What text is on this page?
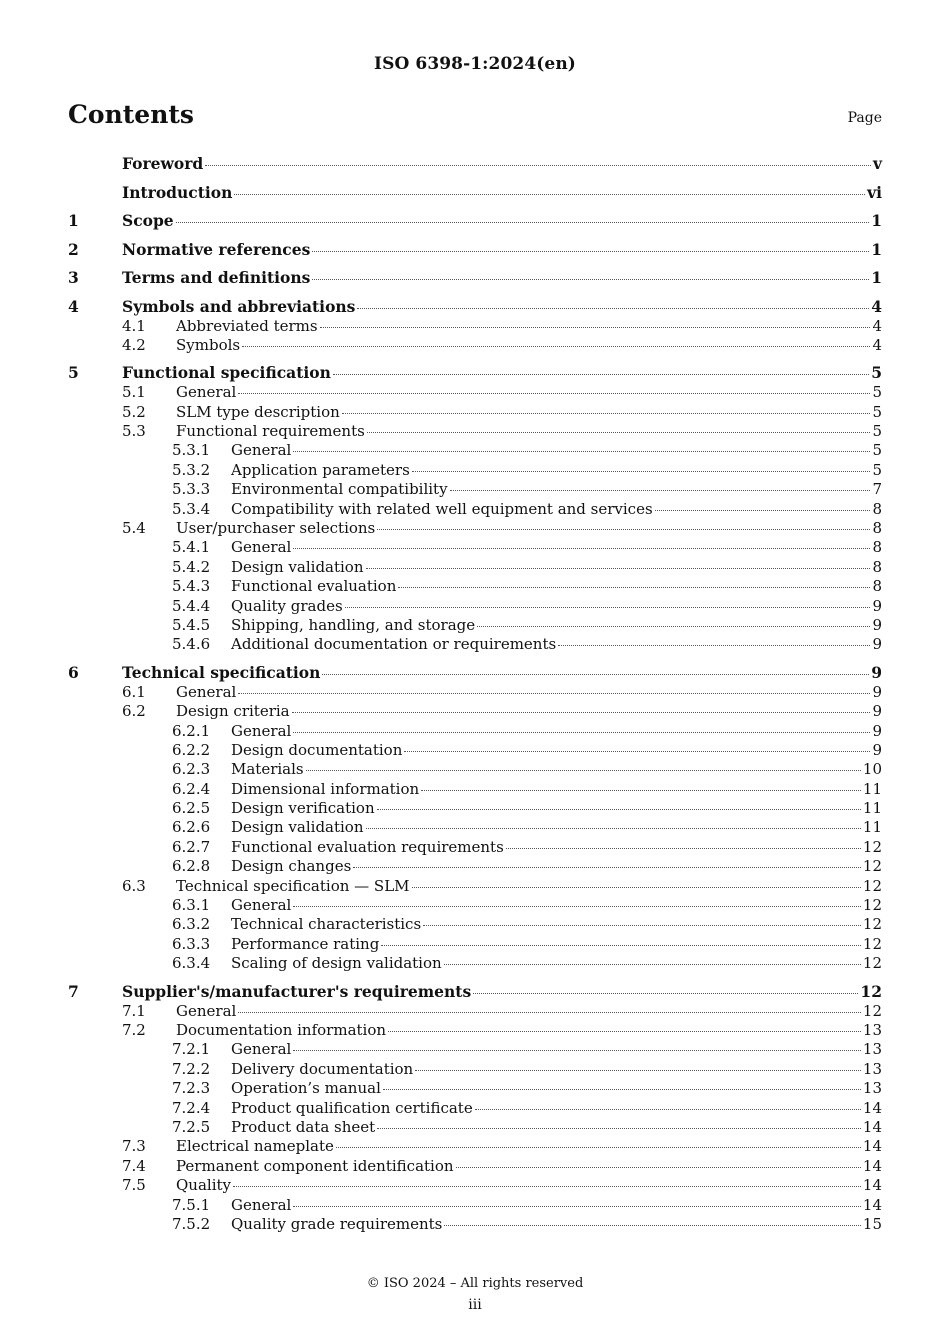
ISO 6398-1:2024(en)
Contents	Page
Foreword	v
Introduction	vi
1	Scope	1
2	Normative references	1
3	Terms and definitions	1
4	Symbols and abbreviations	4
4.1	Abbreviated terms	4
4.2	Symbols	4
5	Functional specification	5
5.1	General	5
5.2	SLM type description	5
5.3	Functional requirements	5
5.3.1	General	5
5.3.2	Application parameters	5
5.3.3	Environmental compatibility	7
5.3.4	Compatibility with related well equipment and services	8
5.4	User/purchaser selections	8
5.4.1	General	8
5.4.2	Design validation	8
5.4.3	Functional evaluation	8
5.4.4	Quality grades	9
5.4.5	Shipping, handling, and storage	9
5.4.6	Additional documentation or requirements	9
6	Technical specification	9
6.1	General	9
6.2	Design criteria	9
6.2.1	General	9
6.2.2	Design documentation	9
6.2.3	Materials	10
6.2.4	Dimensional information	11
6.2.5	Design verification	11
6.2.6	Design validation	11
6.2.7	Functional evaluation requirements	12
6.2.8	Design changes	12
6.3	Technical specification — SLM	12
6.3.1	General	12
6.3.2	Technical characteristics	12
6.3.3	Performance rating	12
6.3.4	Scaling of design validation	12
7	Supplier's/manufacturer's requirements	12
7.1	General	12
7.2	Documentation information	13
7.2.1	General	13
7.2.2	Delivery documentation	13
7.2.3	Operation’s manual	13
7.2.4	Product qualification certificate	14
7.2.5	Product data sheet	14
7.3	Electrical nameplate	14
7.4	Permanent component identification	14
7.5	Quality	14
7.5.1	General	14
7.5.2	Quality grade requirements	15
© ISO 2024 – All rights reserved
iii
